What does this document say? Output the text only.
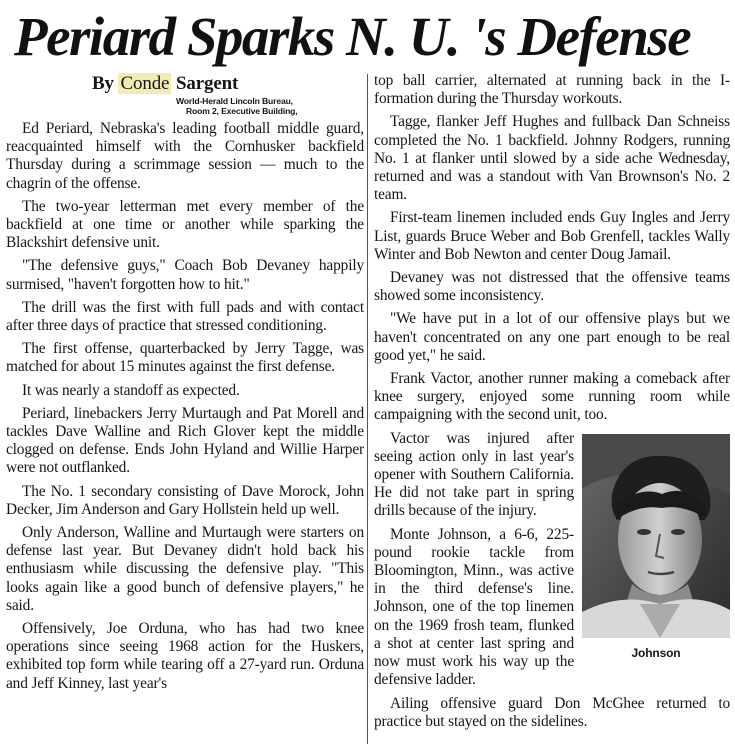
Periard Sparks N. U. 's Defense
By Conde Sargent
World-Herald Lincoln Bureau,
Room 2, Executive Building,

Ed Periard, Nebraska's leading football middle guard, reacquainted himself with the Cornhusker backfield Thursday during a scrimmage session — much to the chagrin of the offense.

The two-year letterman met every member of the backfield at one time or another while sparking the Blackshirt defensive unit.

"The defensive guys," Coach Bob Devaney happily surmised, "haven't forgotten how to hit."

The drill was the first with full pads and with contact after three days of practice that stressed conditioning.

The first offense, quarterbacked by Jerry Tagge, was matched for about 15 minutes against the first defense.

It was nearly a standoff as expected.

Periard, linebackers Jerry Murtaugh and Pat Morell and tackles Dave Walline and Rich Glover kept the middle clogged on defense. Ends John Hyland and Willie Harper were not outflanked.

The No. 1 secondary consisting of Dave Morock, John Decker, Jim Anderson and Gary Hollstein held up well.

Only Anderson, Walline and Murtaugh were starters on defense last year. But Devaney didn't hold back his enthusiasm while discussing the defensive play. "This looks again like a good bunch of defensive players," he said.

Offensively, Joe Orduna, who has had two knee operations since seeing 1968 action for the Huskers, exhibited top form while tearing off a 27-yard run. Orduna and Jeff Kinney, last year's

top ball carrier, alternated at running back in the I-formation during the Thursday workouts.

Tagge, flanker Jeff Hughes and fullback Dan Schneiss completed the No. 1 backfield. Johnny Rodgers, running No. 1 at flanker until slowed by a side ache Wednesday, returned and was a standout with Van Brownson's No. 2 team.

First-team linemen included ends Guy Ingles and Jerry List, guards Bruce Weber and Bob Grenfell, tackles Wally Winter and Bob Newton and center Doug Jamail.

Devaney was not distressed that the offensive teams showed some inconsistency.

"We have put in a lot of our offensive plays but we haven't concentrated on any one part enough to be real good yet," he said.

Frank Vactor, another runner making a comeback after knee surgery, enjoyed some running room while campaigning with the second unit, too.

Johnson

Vactor was injured after seeing action only in last year's opener with Southern California. He did not take part in spring drills because of the injury.

Monte Johnson, a 6-6, 225-pound rookie tackle from Bloomington, Minn., was active in the third defense's line. Johnson, one of the top linemen on the 1969 frosh team, flunked a shot at center last spring and now must work his way up the defensive ladder.

Ailing offensive guard Don McGhee returned to practice but stayed on the sidelines.
